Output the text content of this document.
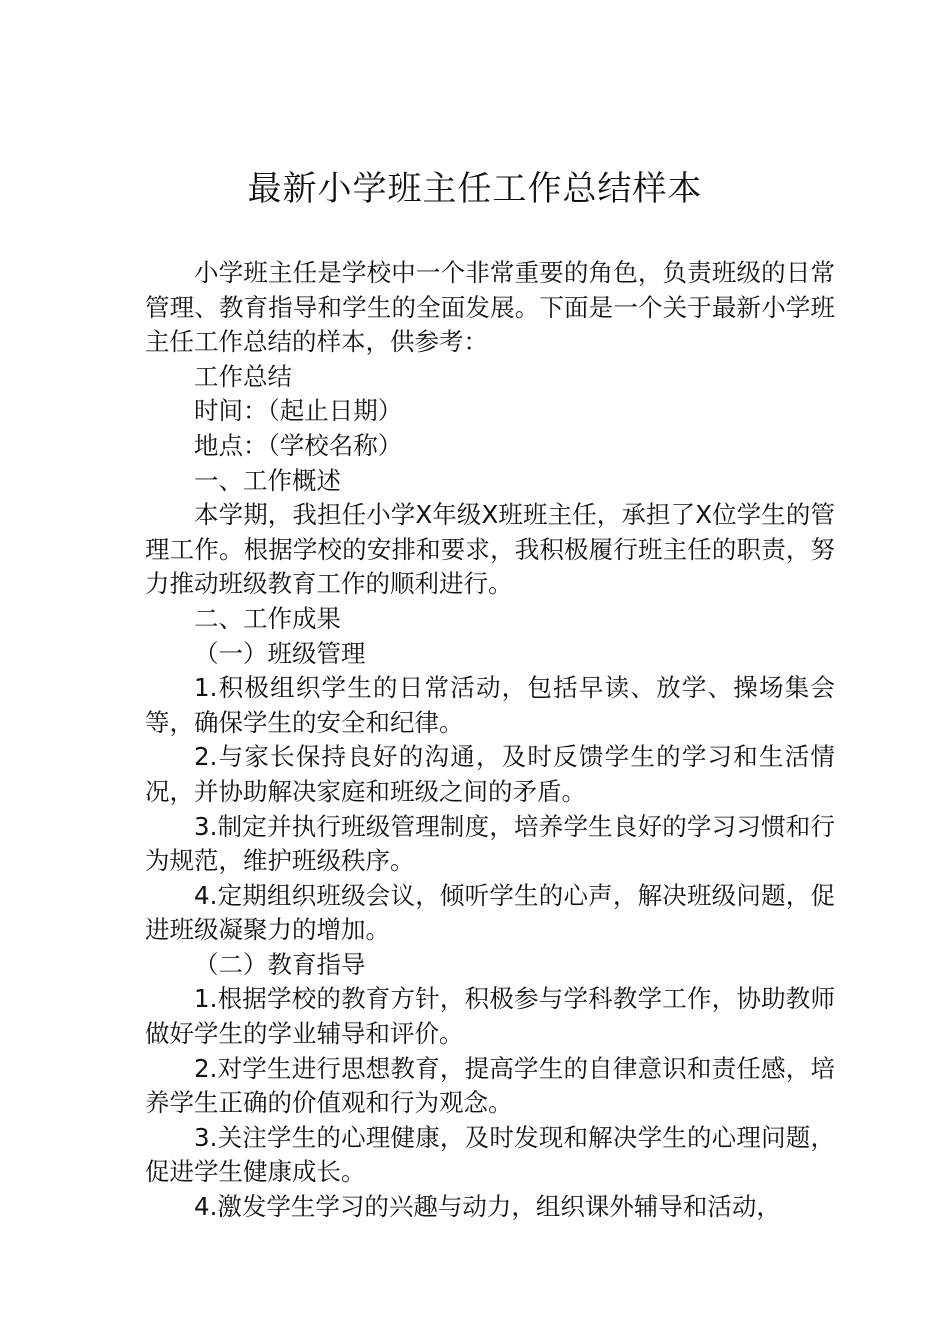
最新小学班主任工作总结样本

小学班主任是学校中一个非常重要的角色，负责班级的日常管理、教育指导和学生的全面发展。下面是一个关于最新小学班主任工作总结的样本，供参考：

工作总结

时间：（起止日期）

地点：（学校名称）

一、工作概述

本学期，我担任小学X年级X班班主任，承担了X位学生的管理工作。根据学校的安排和要求，我积极履行班主任的职责，努力推动班级教育工作的顺利进行。

二、工作成果

（一）班级管理

1.积极组织学生的日常活动，包括早读、放学、操场集会等，确保学生的安全和纪律。

2.与家长保持良好的沟通，及时反馈学生的学习和生活情况，并协助解决家庭和班级之间的矛盾。

3.制定并执行班级管理制度，培养学生良好的学习习惯和行为规范，维护班级秩序。

4.定期组织班级会议，倾听学生的心声，解决班级问题，促进班级凝聚力的增加。

（二）教育指导

1.根据学校的教育方针，积极参与学科教学工作，协助教师做好学生的学业辅导和评价。

2.对学生进行思想教育，提高学生的自律意识和责任感，培养学生正确的价值观和行为观念。

3.关注学生的心理健康，及时发现和解决学生的心理问题，促进学生健康成长。

4.激发学生学习的兴趣与动力，组织课外辅导和活动，
